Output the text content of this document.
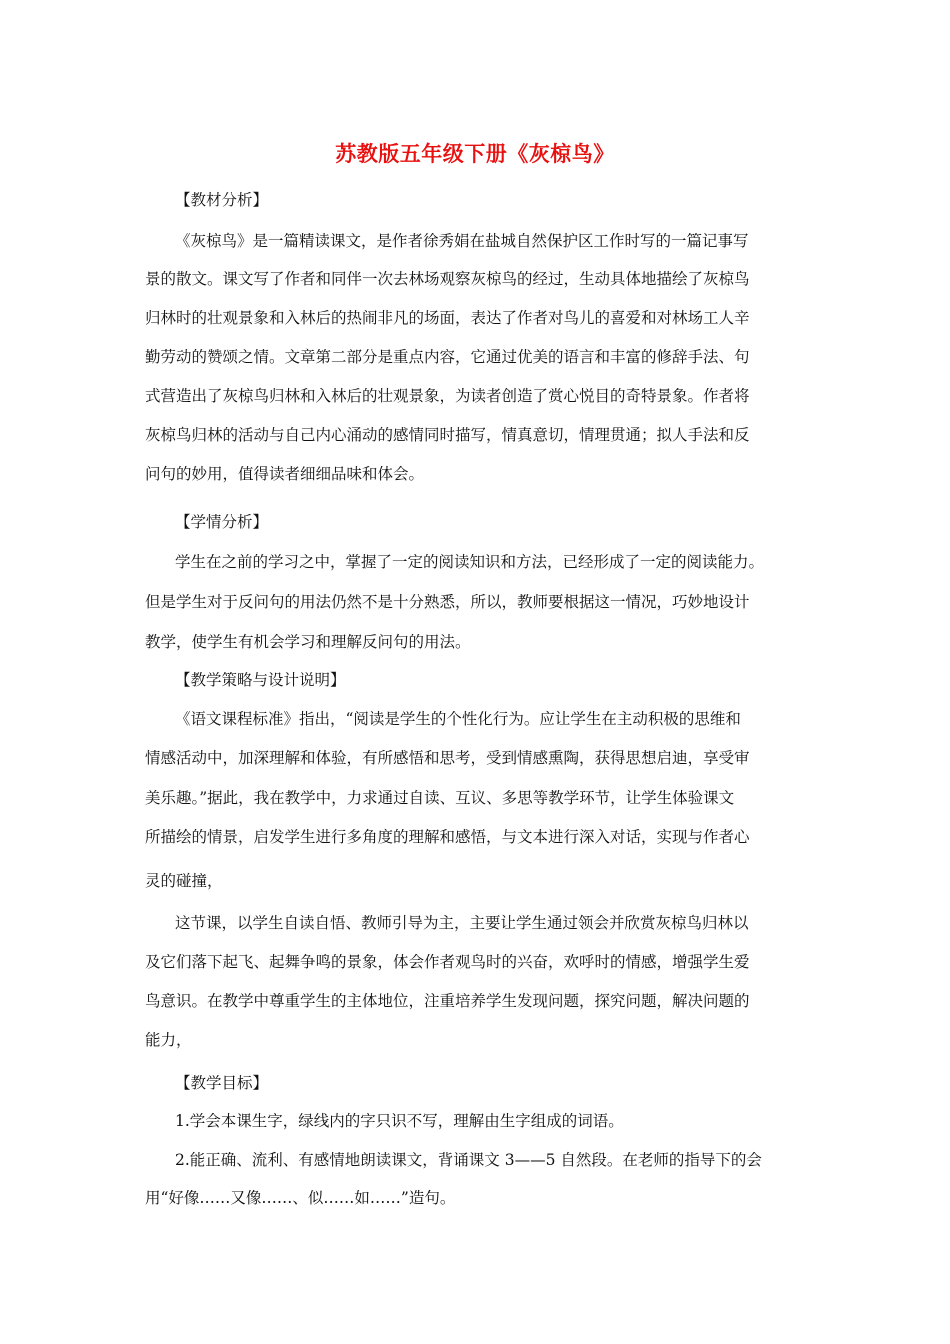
苏教版五年级下册《灰椋鸟》

【教材分析】

《灰椋鸟》是一篇精读课文，是作者徐秀娟在盐城自然保护区工作时写的一篇记事写

景的散文。课文写了作者和同伴一次去林场观察灰椋鸟的经过，生动具体地描绘了灰椋鸟

归林时的壮观景象和入林后的热闹非凡的场面，表达了作者对鸟儿的喜爱和对林场工人辛

勤劳动的赞颂之情。文章第二部分是重点内容，它通过优美的语言和丰富的修辞手法、句

式营造出了灰椋鸟归林和入林后的壮观景象，为读者创造了赏心悦目的奇特景象。作者将

灰椋鸟归林的活动与自己内心涌动的感情同时描写，情真意切，情理贯通；拟人手法和反

问句的妙用，值得读者细细品味和体会。

【学情分析】

学生在之前的学习之中，掌握了一定的阅读知识和方法，已经形成了一定的阅读能力。

但是学生对于反问句的用法仍然不是十分熟悉，所以，教师要根据这一情况，巧妙地设计

教学，使学生有机会学习和理解反问句的用法。

【教学策略与设计说明】

《语文课程标准》指出，“阅读是学生的个性化行为。应让学生在主动积极的思维和

情感活动中，加深理解和体验，有所感悟和思考，受到情感熏陶，获得思想启迪，享受审

美乐趣。”据此，我在教学中，力求通过自读、互议、多思等教学环节，让学生体验课文

所描绘的情景，启发学生进行多角度的理解和感悟，与文本进行深入对话，实现与作者心

灵的碰撞，

这节课，以学生自读自悟、教师引导为主，主要让学生通过领会并欣赏灰椋鸟归林以

及它们落下起飞、起舞争鸣的景象，体会作者观鸟时的兴奋，欢呼时的情感，增强学生爱

鸟意识。在教学中尊重学生的主体地位，注重培养学生发现问题，探究问题，解决问题的

能力，

【教学目标】

1.学会本课生字，绿线内的字只识不写，理解由生字组成的词语。

2.能正确、流利、有感情地朗读课文，背诵课文 3——5 自然段。在老师的指导下的会

用“好像……又像……、似……如……”造句。
